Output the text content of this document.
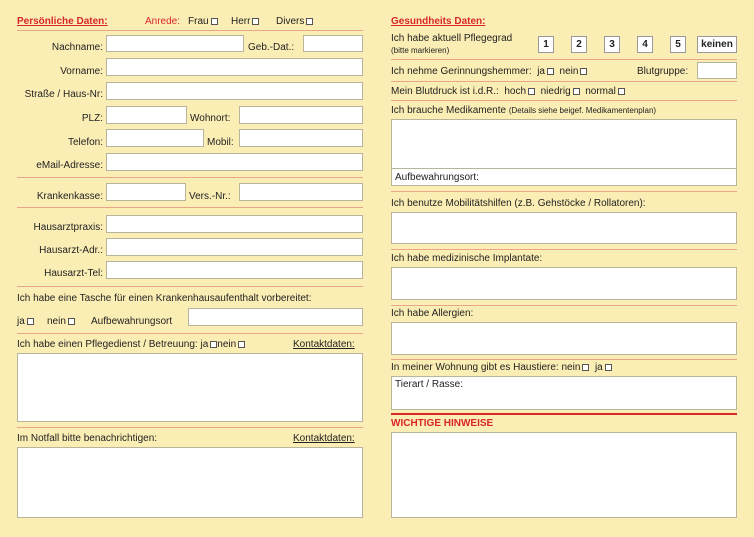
Persönliche Daten:	Anrede: Frau	Herr	Divers
Nachname:	Geb.-Dat.:
Vorname:
Straße / Haus-Nr:
PLZ:	Wohnort:
Telefon:	Mobil:
eMail-Adresse:
Krankenkasse:	Vers.-Nr.:
Hausarztpraxis:
Hausarzt-Adr.:
Hausarzt-Tel:
Ich habe eine Tasche für einen Krankenhausaufenthalt vorbereitet:
ja	nein	Aufbewahrungsort
Ich habe einen Pflegedienst / Betreuung: ja nein	Kontaktdaten:
Im Notfall bitte benachrichtigen:	Kontaktdaten:
Gesundheits Daten:
Ich habe aktuell Pflegegrad
(bitte markieren)
1	2	3	4	5	keinen
Ich nehme Gerinnungshemmer: ja nein	Blutgruppe:
Mein Blutdruck ist i.d.R.: hoch niedrig normal
Ich brauche Medikamente (Details siehe beigef. Medikamentenplan)
Aufbewahrungsort:
Ich benutze Mobilitätshilfen (z.B. Gehstöcke / Rollatoren):
Ich habe medizinische Implantate:
Ich habe Allergien:
In meiner Wohnung gibt es Haustiere: nein ja
Tierart / Rasse:
WICHTIGE HINWEISE
